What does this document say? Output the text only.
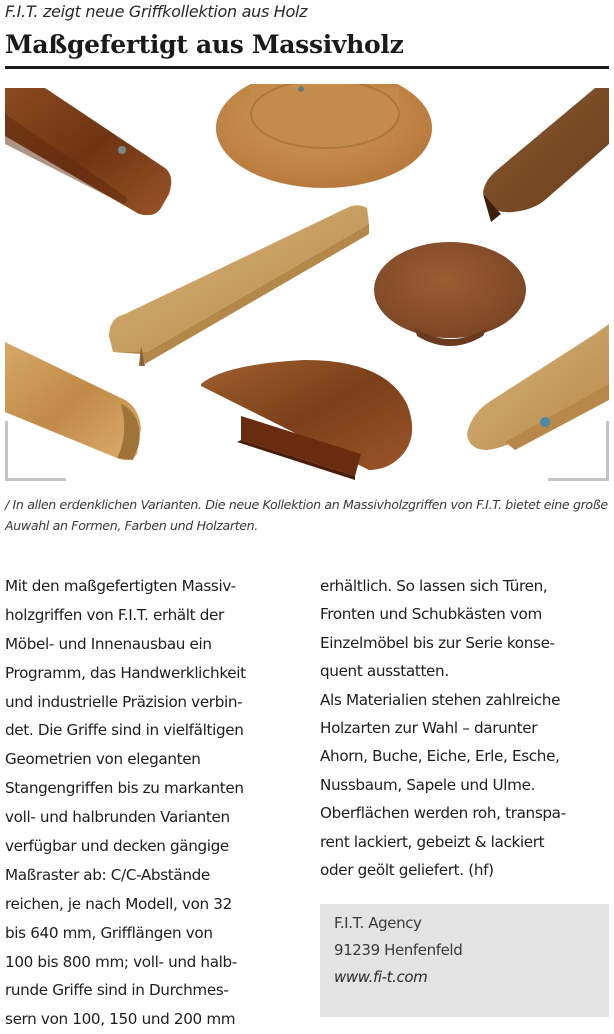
F.I.T. zeigt neue Griffkollektion aus Holz
Maßgefertigt aus Massivholz
/ In allen erdenklichen Varianten. Die neue Kollektion an Massivholzgriffen von F.I.T. bietet eine große Auwahl an Formen, Farben und Holzarten.
Mit den maßgefertigten Massiv-
holzgriffen von F.I.T. erhält der
Möbel- und Innenausbau ein
Programm, das Handwerklichkeit
und industrielle Präzision verbin-
det. Die Griffe sind in vielfältigen
Geometrien von eleganten
Stangengriffen bis zu markanten
voll- und halbrunden Varianten
verfügbar und decken gängige
Maßraster ab: C/C-Abstände
reichen, je nach Modell, von 32
bis 640 mm, Grifflängen von
100 bis 800 mm; voll- und halb-
runde Griffe sind in Durchmes-
sern von 100, 150 und 200 mm
erhältlich. So lassen sich Türen,
Fronten und Schubkästen vom
Einzelmöbel bis zur Serie konse-
quent ausstatten.
Als Materialien stehen zahlreiche
Holzarten zur Wahl – darunter
Ahorn, Buche, Eiche, Erle, Esche,
Nussbaum, Sapele und Ulme.
Oberflächen werden roh, transpa-
rent lackiert, gebeizt & lackiert
oder geölt geliefert. (hf)
F.I.T. Agency
91239 Henfenfeld
www.fi-t.com
